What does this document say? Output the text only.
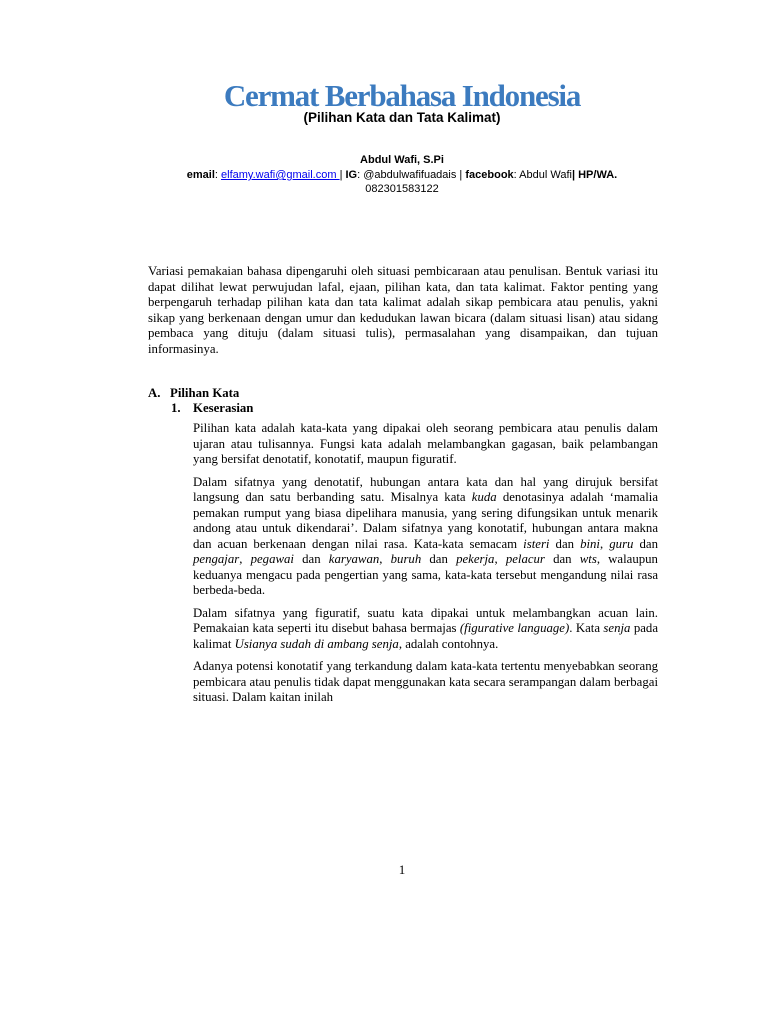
Cermat Berbahasa Indonesia
(Pilihan Kata dan Tata Kalimat)
Abdul Wafi, S.Pi
email: elfamy.wafi@gmail.com | IG: @abdulwafifuadais | facebook: Abdul Wafi| HP/WA.
082301583122

Variasi pemakaian bahasa dipengaruhi oleh situasi pembicaraan atau penulisan. Bentuk variasi itu dapat dilihat lewat perwujudan lafal, ejaan, pilihan kata, dan tata kalimat. Faktor penting yang berpengaruh terhadap pilihan kata dan tata kalimat adalah sikap pembicara atau penulis, yakni sikap yang berkenaan dengan umur dan kedudukan lawan bicara (dalam situasi lisan) atau sidang pembaca yang dituju (dalam situasi tulis), permasalahan yang disampaikan, dan tujuan informasinya.

A. Pilihan Kata
1. Keserasian

Pilihan kata adalah kata-kata yang dipakai oleh seorang pembicara atau penulis dalam ujaran atau tulisannya. Fungsi kata adalah melambangkan gagasan, baik pelambangan yang bersifat denotatif, konotatif, maupun figuratif.

Dalam sifatnya yang denotatif, hubungan antara kata dan hal yang dirujuk bersifat langsung dan satu berbanding satu. Misalnya kata kuda denotasinya adalah ‘mamalia pemakan rumput yang biasa dipelihara manusia, yang sering difungsikan untuk menarik andong atau untuk dikendarai’. Dalam sifatnya yang konotatif, hubungan antara makna dan acuan berkenaan dengan nilai rasa. Kata-kata semacam isteri dan bini, guru dan pengajar, pegawai dan karyawan, buruh dan pekerja, pelacur dan wts, walaupun keduanya mengacu pada pengertian yang sama, kata-kata tersebut mengandung nilai rasa berbeda-beda.

Dalam sifatnya yang figuratif, suatu kata dipakai untuk melambangkan acuan lain. Pemakaian kata seperti itu disebut bahasa bermajas (figurative language). Kata senja pada kalimat Usianya sudah di ambang senja, adalah contohnya.

Adanya potensi konotatif yang terkandung dalam kata-kata tertentu menyebabkan seorang pembicara atau penulis tidak dapat menggunakan kata secara serampangan dalam berbagai situasi. Dalam kaitan inilah

1
